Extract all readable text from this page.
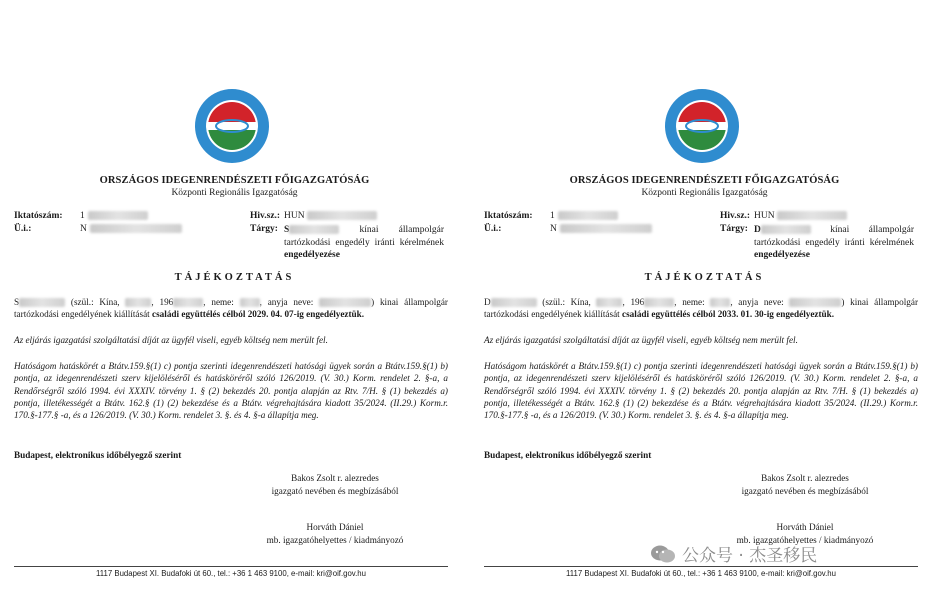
ORSZÁGOS IDEGENRENDÉSZETI FŐIGAZGATÓSÁG
Központi Regionális Igazgatóság
Iktatószám: 1
Ü.i.:	N
Hiv.sz.: HUN
Tárgy: S	kínai állampolgár tartózkodási engedély iránti kérelmének engedélyezése
TÁJÉKOZTATÁS
S	(szül.: Kína,	, 196	, neme: , anyja neve:	) kinai állampolgár tartózkodási engedélyének kiállítását családi együttélés célból 2029. 04. 07-ig engedélyeztük.
Az eljárás igazgatási szolgáltatási díját az ügyfél viseli, egyéb költség nem merült fel.
Hatóságom hatáskörét a Btátv.159.§(1) c) pontja szerinti idegenrendészeti hatósági ügyek során a Btátv.159.§(1) b) pontja, az idegenrendészeti szerv kijelöléséről és hatásköréről szóló 126/2019. (V. 30.) Korm. rendelet 2. §-a, a Rendőrségről szóló 1994. évi XXXIV. törvény 1. § (2) bekezdés 20. pontja alapján az Rtv. 7/H. § (1) bekezdés a) pontja, illetékességét a Btátv. 162.§ (1) (2) bekezdése és a Btátv. végrehajtására kiadott 35/2024. (II.29.) Korm.r. 170.§-177.§ -a, és a 126/2019. (V. 30.) Korm. rendelet 3. §. és 4. §-a állapítja meg.
Budapest, elektronikus időbélyegző szerint
Bakos Zsolt r. alezredes
igazgató nevében és megbízásából
Horváth Dániel
mb. igazgatóhelyettes / kiadmányozó
1117 Budapest XI. Budafoki út 60., tel.: +36 1 463 9100, e-mail: kri@oif.gov.hu
ORSZÁGOS IDEGENRENDÉSZETI FŐIGAZGATÓSÁG
Központi Regionális Igazgatóság
Iktatószám: 1
Ü.i.:	N
Hiv.sz.: HUN
Tárgy: D	kínai állampolgár tartózkodási engedély iránti kérelmének engedélyezése
TÁJÉKOZTATÁS
D	(szül.: Kína,	, 196	, neme: , anyja neve:	) kinai állampolgár tartózkodási engedélyének kiállítását családi együttélés célból 2033. 01. 30-ig engedélyeztük.
Az eljárás igazgatási szolgáltatási díját az ügyfél viseli, egyéb költség nem merült fel.
Hatóságom hatáskörét a Btátv.159.§(1) c) pontja szerinti idegenrendészeti hatósági ügyek során a Btátv.159.§(1) b) pontja, az idegenrendészeti szerv kijelöléséről és hatásköréről szóló 126/2019. (V. 30.) Korm. rendelet 2. §-a, a Rendőrségről szóló 1994. évi XXXIV. törvény 1. § (2) bekezdés 20. pontja alapján az Rtv. 7/H. § (1) bekezdés a) pontja, illetékességét a Btátv. 162.§ (1) (2) bekezdése és a Btátv. végrehajtására kiadott 35/2024. (II.29.) Korm.r. 170.§-177.§ -a, és a 126/2019. (V. 30.) Korm. rendelet 3. §. és 4. §-a állapítja meg.
Budapest, elektronikus időbélyegző szerint
Bakos Zsolt r. alezredes
igazgató nevében és megbízásából
Horváth Dániel
mb. igazgatóhelyettes / kiadmányozó
1117 Budapest XI. Budafoki út 60., tel.: +36 1 463 9100, e-mail: kri@oif.gov.hu
公众号 · 杰圣移民
